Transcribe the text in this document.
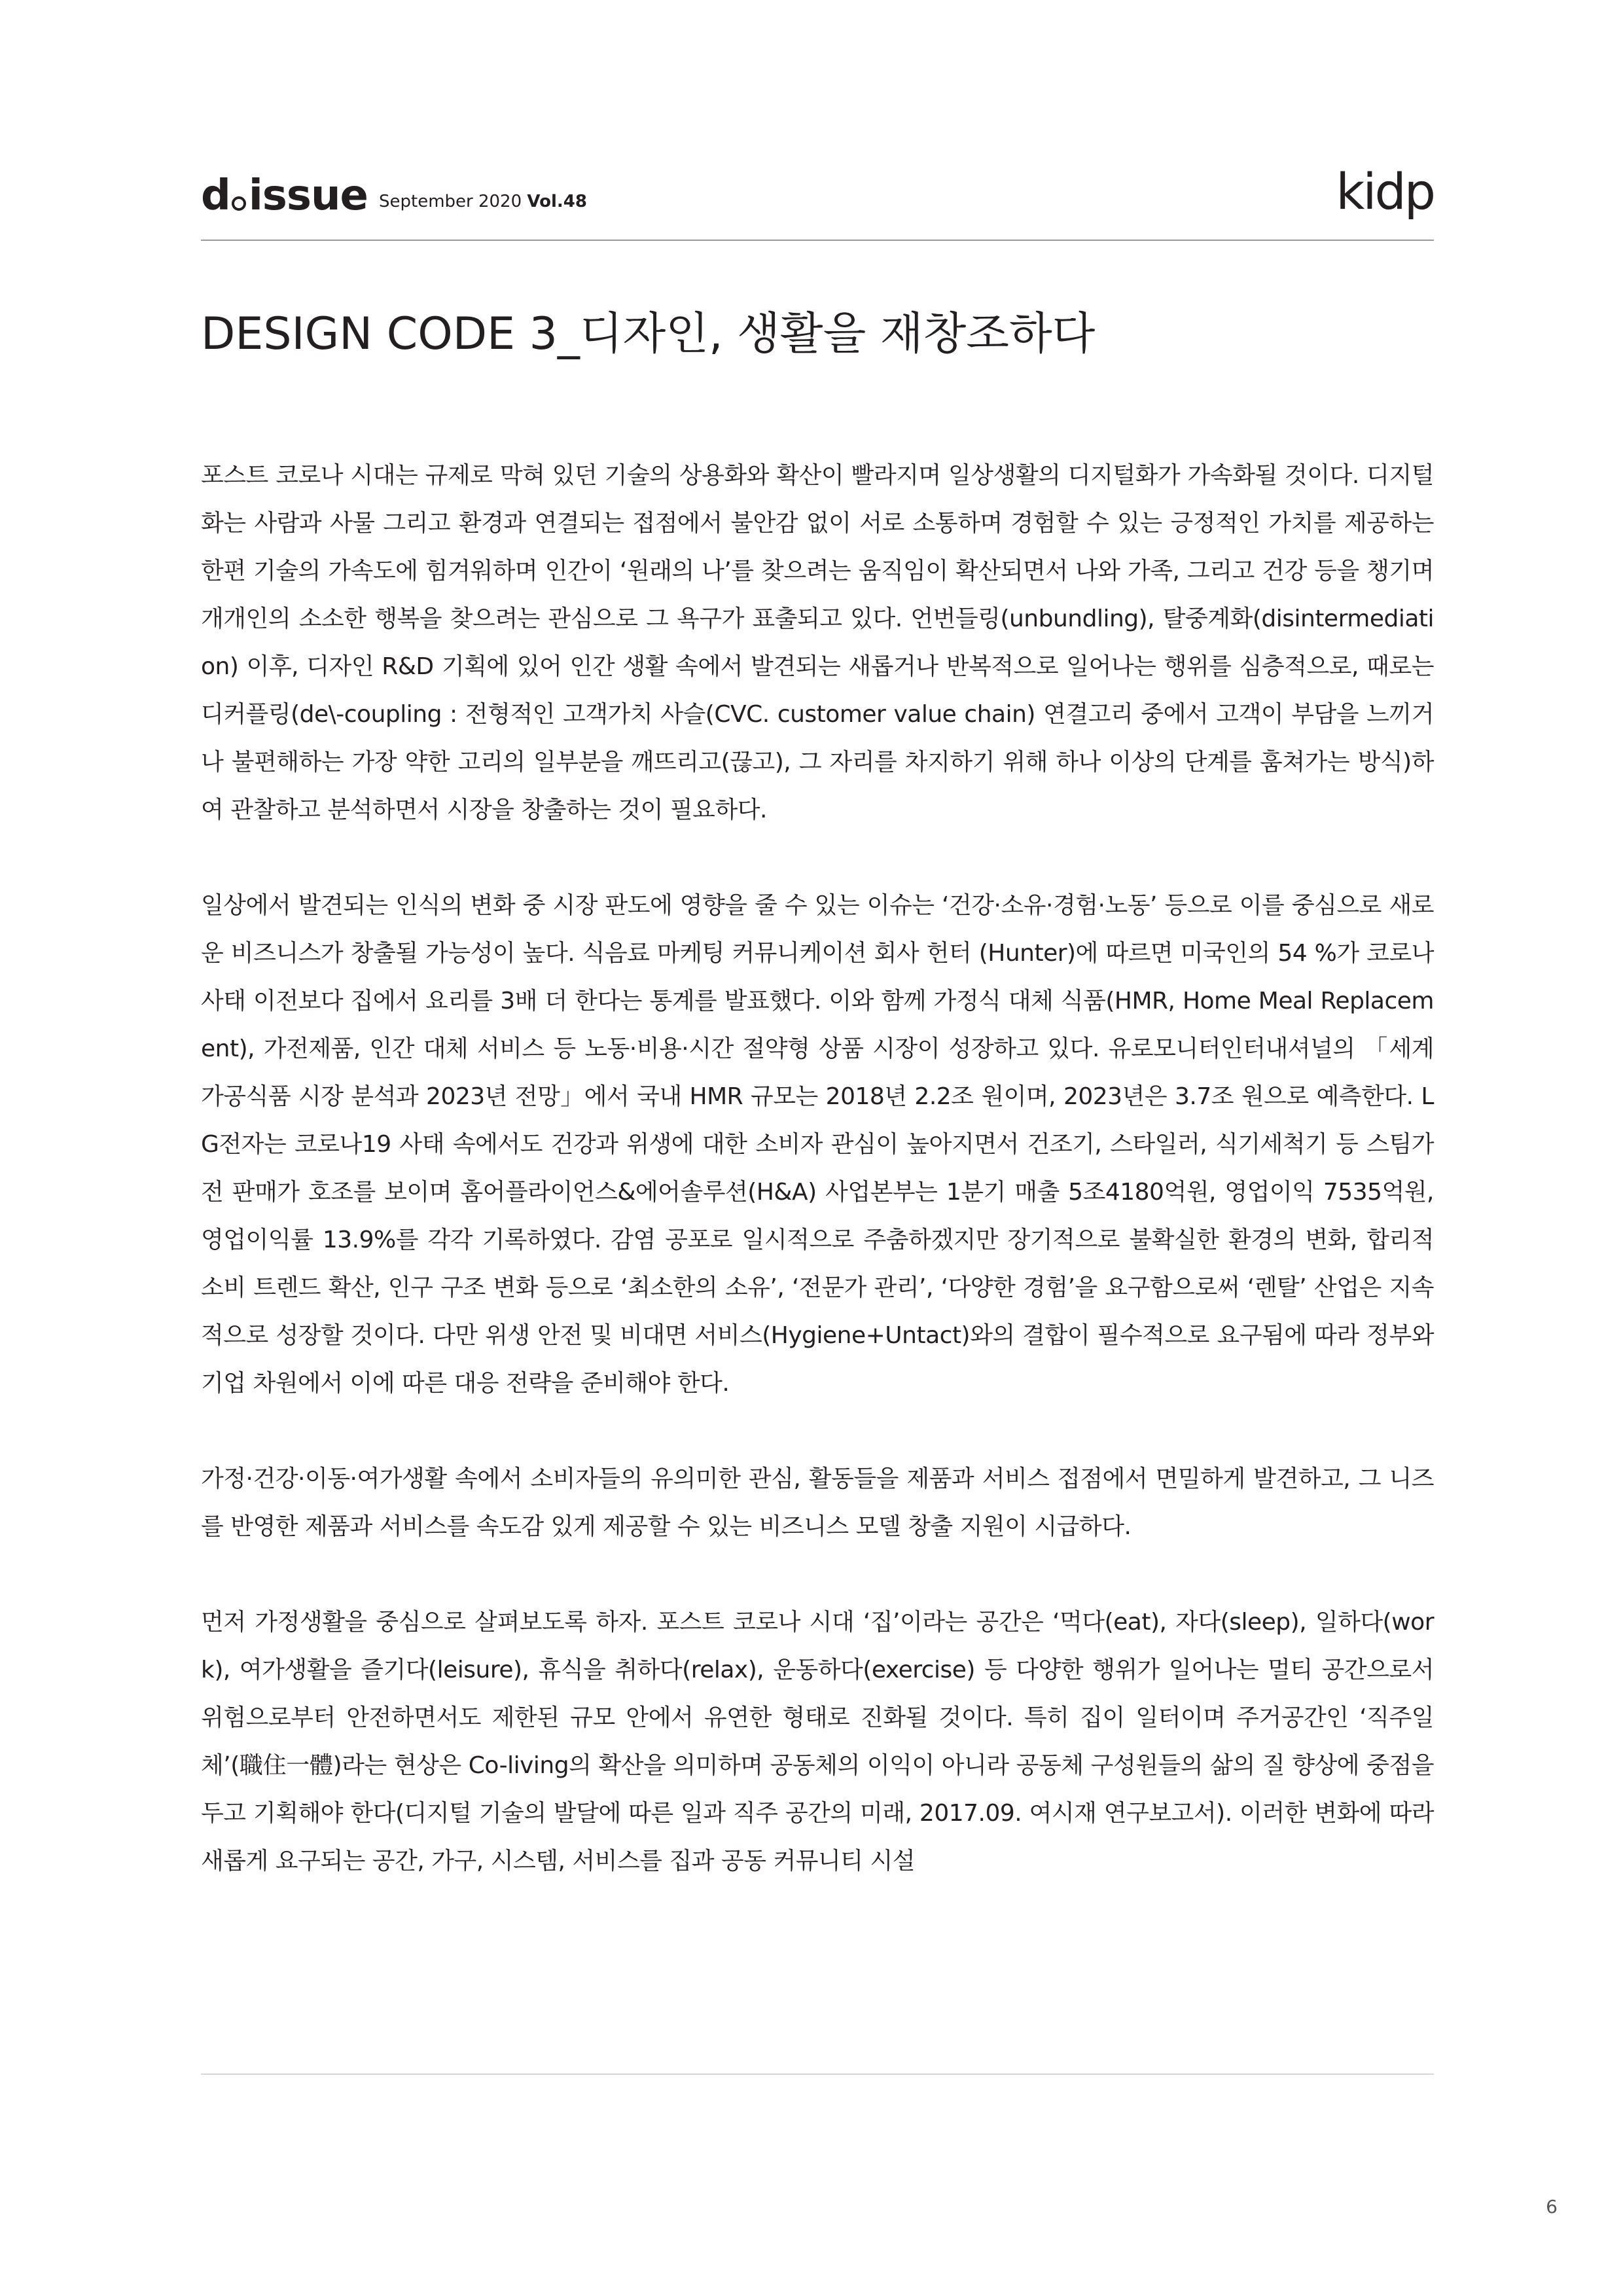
d issue September 2020 Vol.48	kidp
DESIGN CODE 3_디자인, 생활을 재창조하다

포스트 코로나 시대는 규제로 막혀 있던 기술의 상용화와 확산이 빨라지며 일상생활의 디지털화가 가속화될 것이다. 디지털화는 사람과 사물 그리고 환경과 연결되는 접점에서 불안감 없이 서로 소통하며 경험할 수 있는 긍정적인 가치를 제공하는 한편 기술의 가속도에 힘겨워하며 인간이 ‘원래의 나’를 찾으려는 움직임이 확산되면서 나와 가족, 그리고 건강 등을 챙기며 개개인의 소소한 행복을 찾으려는 관심으로 그 욕구가 표출되고 있다. 언번들링(unbundling), 탈중계화(disintermediation) 이후, 디자인 R&D 기획에 있어 인간 생활 속에서 발견되는 새롭거나 반복적으로 일어나는 행위를 심층적으로, 때로는 디커플링(de\-coupling : 전형적인 고객가치 사슬(CVC. customer value chain) 연결고리 중에서 고객이 부담을 느끼거나 불편해하는 가장 약한 고리의 일부분을 깨뜨리고(끊고), 그 자리를 차지하기 위해 하나 이상의 단계를 훔쳐가는 방식)하여 관찰하고 분석하면서 시장을 창출하는 것이 필요하다.

일상에서 발견되는 인식의 변화 중 시장 판도에 영향을 줄 수 있는 이슈는 ‘건강·소유·경험·노동’ 등으로 이를 중심으로 새로운 비즈니스가 창출될 가능성이 높다. 식음료 마케팅 커뮤니케이션 회사 헌터 (Hunter)에 따르면 미국인의 54 %가 코로나 사태 이전보다 집에서 요리를 3배 더 한다는 통계를 발표했다. 이와 함께 가정식 대체 식품(HMR, Home Meal Replacement), 가전제품, 인간 대체 서비스 등 노동·비용·시간 절약형 상품 시장이 성장하고 있다. 유로모니터인터내셔널의 「세계 가공식품 시장 분석과 2023년 전망」에서 국내 HMR 규모는 2018년 2.2조 원이며, 2023년은 3.7조 원으로 예측한다. LG전자는 코로나19 사태 속에서도 건강과 위생에 대한 소비자 관심이 높아지면서 건조기, 스타일러, 식기세척기 등 스팀가전 판매가 호조를 보이며 홈어플라이언스&에어솔루션(H&A) 사업본부는 1분기 매출 5조4180억원, 영업이익 7535억원, 영업이익률 13.9%를 각각 기록하였다. 감염 공포로 일시적으로 주춤하겠지만 장기적으로 불확실한 환경의 변화, 합리적 소비 트렌드 확산, 인구 구조 변화 등으로 ‘최소한의 소유’, ‘전문가 관리’, ‘다양한 경험’을 요구함으로써 ‘렌탈’ 산업은 지속적으로 성장할 것이다. 다만 위생 안전 및 비대면 서비스(Hygiene+Untact)와의 결합이 필수적으로 요구됨에 따라 정부와 기업 차원에서 이에 따른 대응 전략을 준비해야 한다.

가정·건강·이동·여가생활 속에서 소비자들의 유의미한 관심, 활동들을 제품과 서비스 접점에서 면밀하게 발견하고, 그 니즈를 반영한 제품과 서비스를 속도감 있게 제공할 수 있는 비즈니스 모델 창출 지원이 시급하다.

먼저 가정생활을 중심으로 살펴보도록 하자. 포스트 코로나 시대 ‘집’이라는 공간은 ‘먹다(eat), 자다(sleep), 일하다(work), 여가생활을 즐기다(leisure), 휴식을 취하다(relax), 운동하다(exercise) 등 다양한 행위가 일어나는 멀티 공간으로서 위험으로부터 안전하면서도 제한된 규모 안에서 유연한 형태로 진화될 것이다. 특히 집이 일터이며 주거공간인 ‘직주일체’(職住一體)라는 현상은 Co-living의 확산을 의미하며 공동체의 이익이 아니라 공동체 구성원들의 삶의 질 향상에 중점을 두고 기획해야 한다(디지털 기술의 발달에 따른 일과 직주 공간의 미래, 2017.09. 여시재 연구보고서). 이러한 변화에 따라 새롭게 요구되는 공간, 가구, 시스템, 서비스를 집과 공동 커뮤니티 시설

6
